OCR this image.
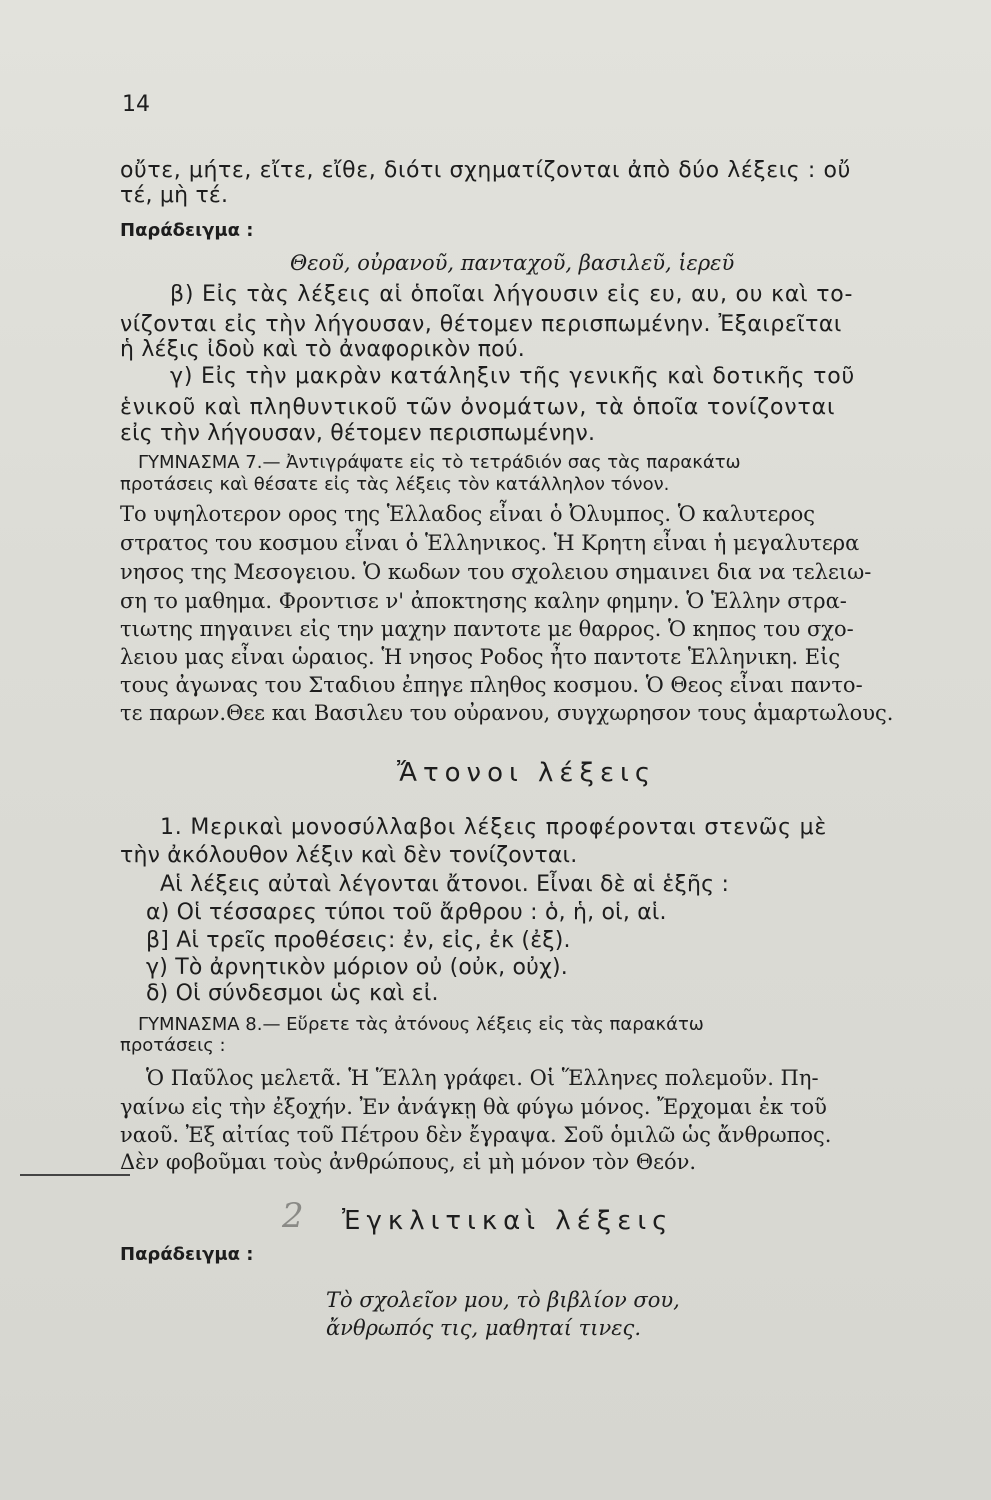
14
οὔτε, μήτε, εἴτε, εἴθε, διότι σχηματίζονται ἀπὸ δύο λέξεις : οὔ
τέ, μὴ τέ.
Παράδειγμα :
Θεοῦ, οὐρανοῦ, πανταχοῦ, βασιλεῦ, ἱερεῦ
β) Εἰς τὰς λέξεις αἱ ὁποῖαι λήγουσιν εἰς ευ, αυ, ου καὶ το-
νίζονται εἰς τὴν λήγουσαν, θέτομεν περισπωμένην. Ἐξαιρεῖται
ἡ λέξις ἰδοὺ καὶ τὸ ἀναφορικὸν πού.
γ) Εἰς τὴν μακρὰν κατάληξιν τῆς γενικῆς καὶ δοτικῆς τοῦ
ἑνικοῦ καὶ πληθυντικοῦ τῶν ὀνομάτων, τὰ ὁποῖα τονίζονται
εἰς τὴν λήγουσαν, θέτομεν περισπωμένην.
ΓΥΜΝΑΣΜΑ 7.— Ἀντιγράψατε εἰς τὸ τετράδιόν σας τὰς παρακάτω
προτάσεις καὶ θέσατε εἰς τὰς λέξεις τὸν κατάλληλον τόνον.
Το υψηλοτερον ορος της Ἑλλαδος εἶναι ὁ Ὀλυμπος. Ὁ καλυτερος
στρατος του κοσμου εἶναι ὁ Ἑλληνικος. Ἡ Κρητη εἶναι ἡ μεγαλυτερα
νησος της Μεσογειου. Ὁ κωδων του σχολειου σημαινει δια να τελειω-
ση το μαθημα. Φροντισε ν' ἀποκτησης καλην φημην. Ὁ Ἑλλην στρα-
τιωτης πηγαινει εἰς την μαχην παντοτε με θαρρος. Ὁ κηπος του σχο-
λειου μας εἶναι ὡραιος. Ἡ νησος Ροδος ἦτο παντοτε Ἑλληνικη. Εἰς
τους ἀγωνας του Σταδιου ἐπηγε πληθος κοσμου. Ὁ Θεος εἶναι παντο-
τε παρων.Θεε και Βασιλευ του οὐρανου, συγχωρησον τους ἁμαρτωλους.
Ἄτονοι λέξεις
1. Μερικαὶ μονοσύλλαβοι λέξεις προφέρονται στενῶς μὲ
τὴν ἀκόλουθον λέξιν καὶ δὲν τονίζονται.
Αἱ λέξεις αὐταὶ λέγονται ἄτονοι. Εἶναι δὲ αἱ ἑξῆς :
α) Οἱ τέσσαρες τύποι τοῦ ἄρθρου : ὁ, ἡ, οἱ, αἱ.
β] Αἱ τρεῖς προθέσεις: ἐν, εἰς, ἐκ (ἐξ).
γ) Τὸ ἀρνητικὸν μόριον οὐ (οὐκ, οὐχ).
δ) Οἱ σύνδεσμοι ὡς καὶ εἰ.
ΓΥΜΝΑΣΜΑ 8.— Εὕρετε τὰς ἀτόνους λέξεις εἰς τὰς παρακάτω
προτάσεις :
Ὁ Παῦλος μελετᾶ. Ἡ Ἕλλη γράφει. Οἱ Ἕλληνες πολεμοῦν. Πη-
γαίνω εἰς τὴν ἐξοχήν. Ἐν ἀνάγκῃ θὰ φύγω μόνος. Ἔρχομαι ἐκ τοῦ
ναοῦ. Ἐξ αἰτίας τοῦ Πέτρου δὲν ἔγραψα. Σοῦ ὁμιλῶ ὡς ἄνθρωπος.
Δὲν φοβοῦμαι τοὺς ἀνθρώπους, εἰ μὴ μόνον τὸν Θεόν.
2 Ἐγκλιτικαὶ λέξεις
Παράδειγμα :
Τὸ σχολεῖον μου, τὸ βιβλίον σου,
ἄνθρωπός τις, μαθηταί τινες.
